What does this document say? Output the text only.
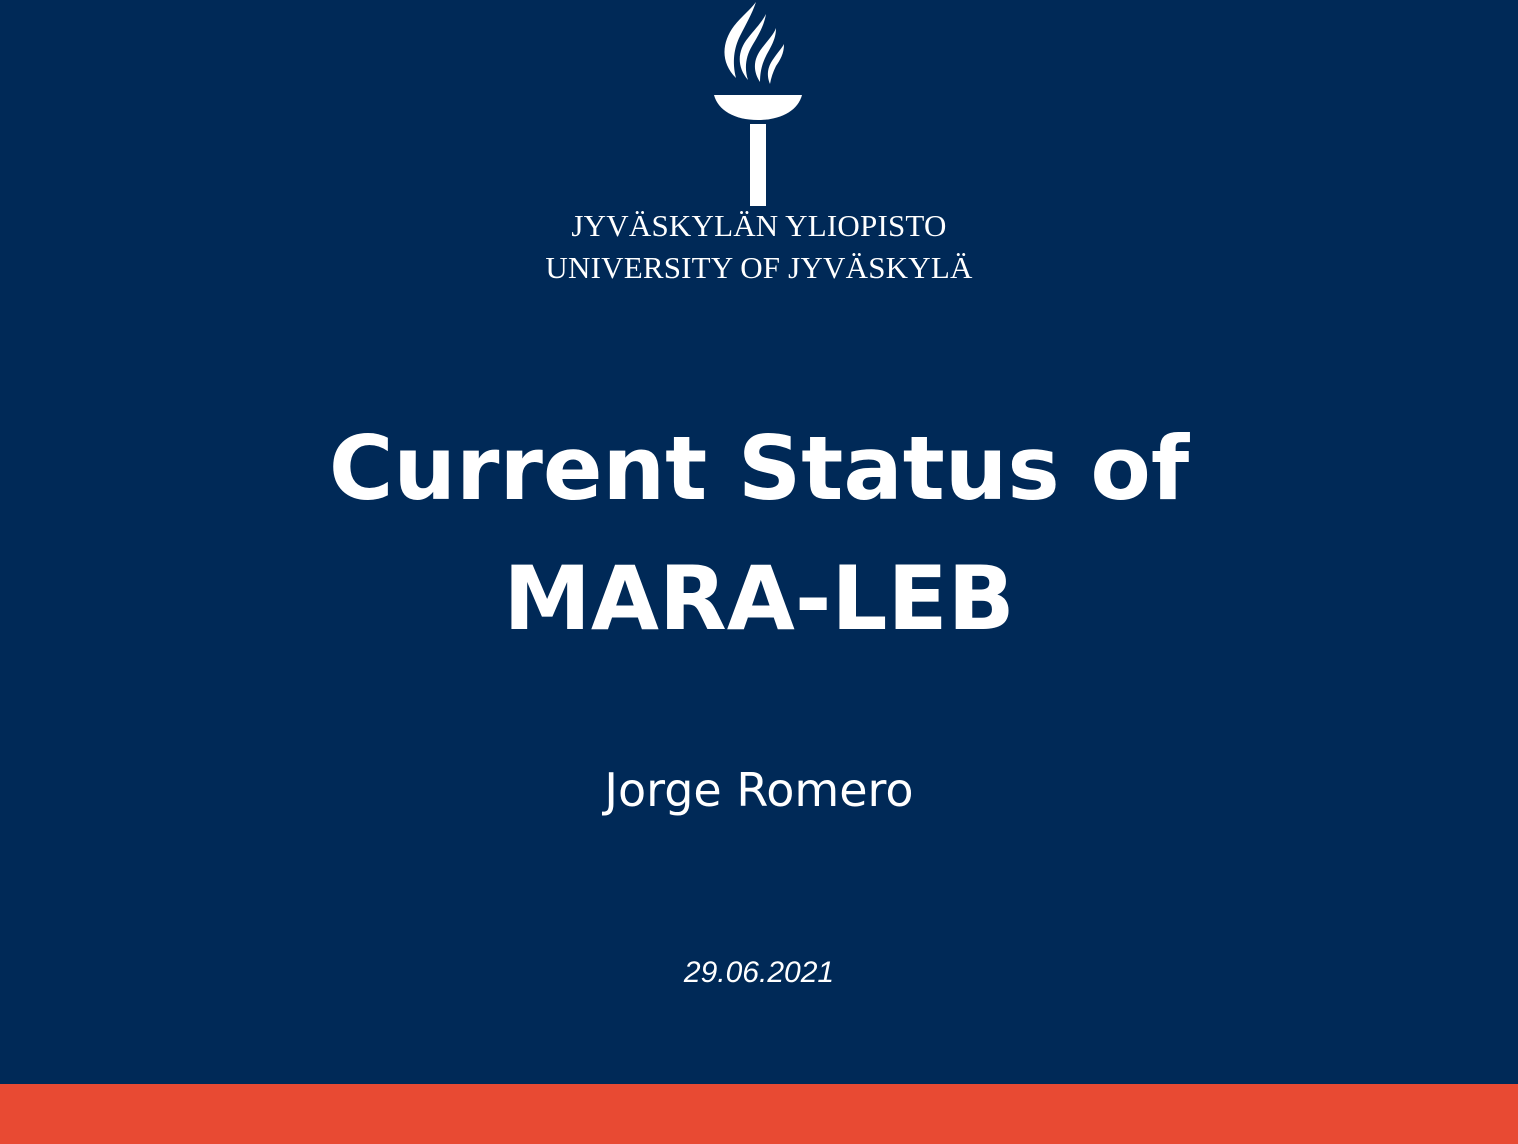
JYVÄSKYLÄN YLIOPISTO
UNIVERSITY OF JYVÄSKYLÄ
Current Status of
MARA-LEB
Jorge Romero
29.06.2021
